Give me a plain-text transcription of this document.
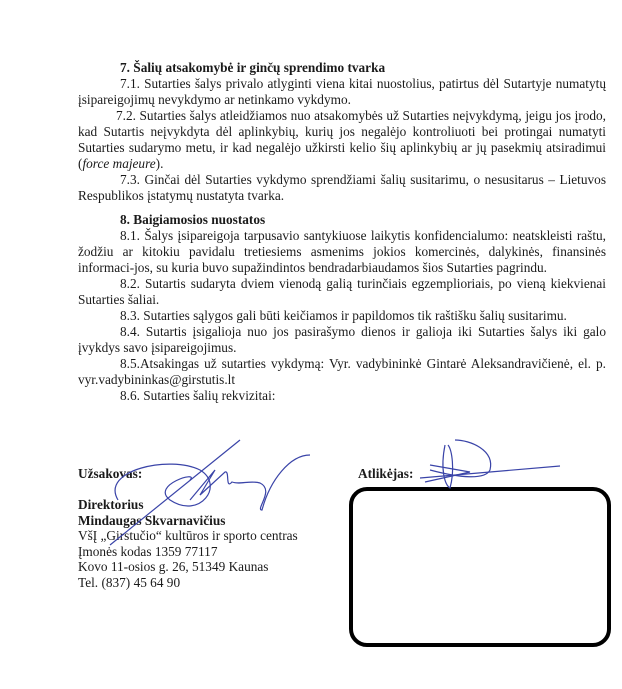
7. Šalių atsakomybė ir ginčų sprendimo tvarka

7.1. Sutarties šalys privalo atlyginti viena kitai nuostolius, patirtus dėl Sutartyje numatytų įsipareigojimų nevykdymo ar netinkamo vykdymo.

7.2. Sutarties šalys atleidžiamos nuo atsakomybės už Sutarties neįvykdymą, jeigu jos įrodo, kad Sutartis neįvykdyta dėl aplinkybių, kurių jos negalėjo kontroliuoti bei protingai numatyti Sutarties sudarymo metu, ir kad negalėjo užkirsti kelio šių aplinkybių ar jų pasekmių atsiradimui (force majeure).

7.3. Ginčai dėl Sutarties vykdymo sprendžiami šalių susitarimu, o nesusitarus – Lietuvos Respublikos įstatymų nustatyta tvarka.

8. Baigiamosios nuostatos

8.1. Šalys įsipareigoja tarpusavio santykiuose laikytis konfidencialumo: neatskleisti raštu, žodžiu ar kitokiu pavidalu tretiesiems asmenims jokios komercinės, dalykinės, finansinės informaci-jos, su kuria buvo supažindintos bendradarbiaudamos šios Sutarties pagrindu.

8.2. Sutartis sudaryta dviem vienodą galią turinčiais egzemplioriais, po vieną kiekvienai Sutarties šaliai.

8.3. Sutarties sąlygos gali būti keičiamos ir papildomos tik raštišku šalių susitarimu.

8.4. Sutartis įsigalioja nuo jos pasirašymo dienos ir galioja iki Sutarties šalys iki galo įvykdys savo įsipareigojimus.

8.5.Atsakingas už sutarties vykdymą: Vyr. vadybininkė Gintarė Aleksandravičienė, el. p. vyr.vadybininkas@girstutis.lt

8.6. Sutarties šalių rekvizitai:

Užsakovas:
Direktorius
Mindaugas Skvarnavičius
VšĮ „Girstučio“ kultūros ir sporto centras
Įmonės kodas 1359 77117
Kovo 11-osios g. 26, 51349 Kaunas
Tel. (837) 45 64 90
Atlikėjas:
